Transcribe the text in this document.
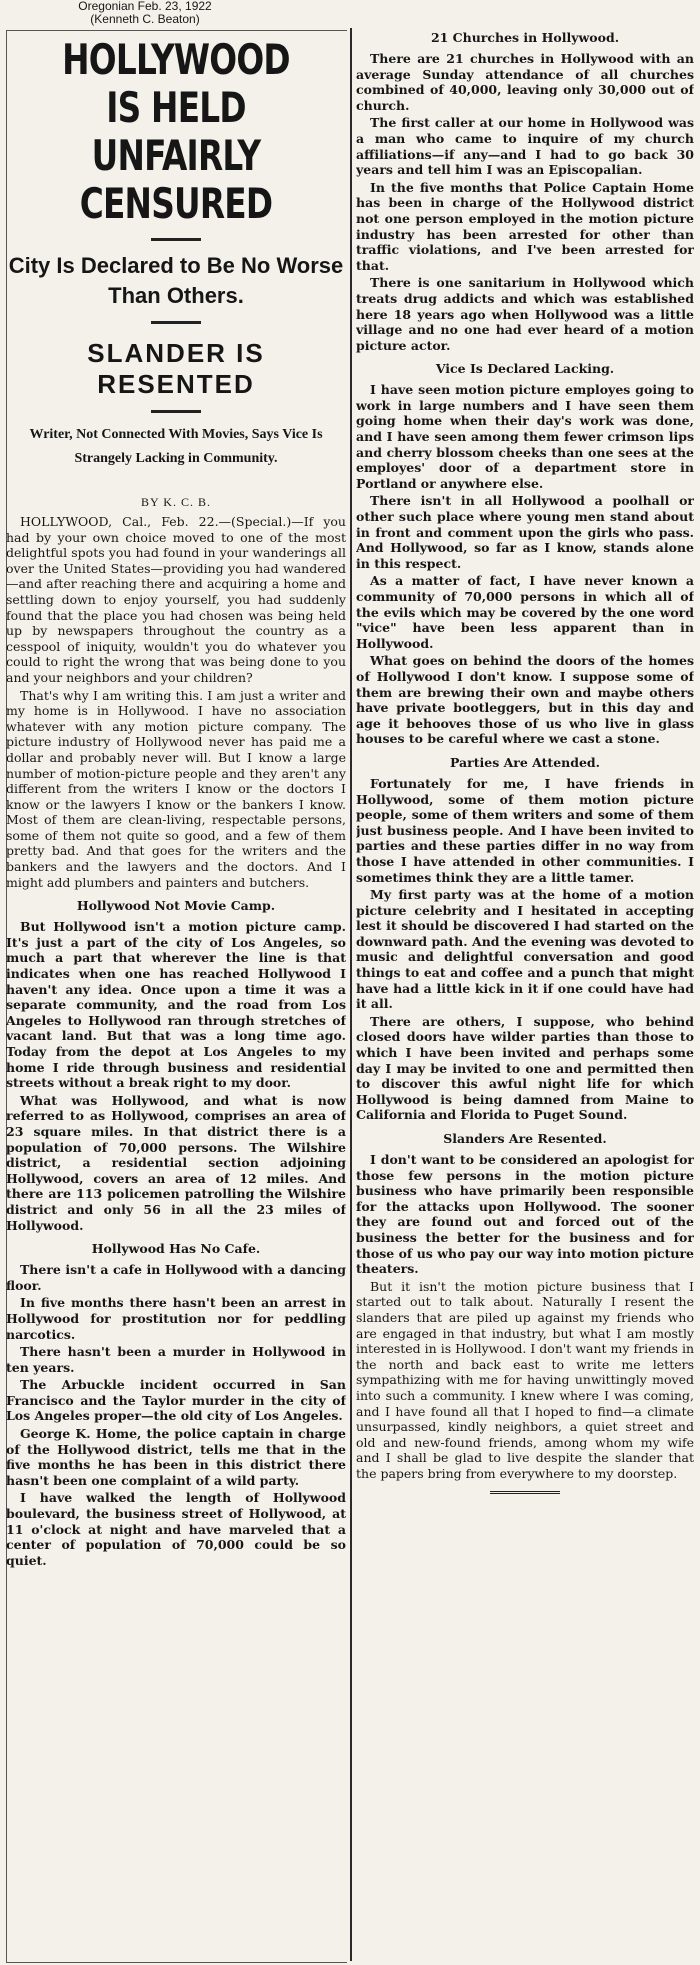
Oregonian Feb. 23, 1922
(Kenneth C. Beaton)
HOLLYWOOD IS HELD UNFAIRLY CENSURED
City Is Declared to Be No Worse Than Others.
SLANDER IS RESENTED
Writer, Not Connected With Movies, Says Vice Is Strangely Lacking in Community.
BY K. C. B.

HOLLYWOOD, Cal., Feb. 22.—(Special.)—If you had by your own choice moved to one of the most delightful spots you had found in your wanderings all over the United States—providing you had wandered—and after reaching there and acquiring a home and settling down to enjoy yourself, you had suddenly found that the place you had chosen was being held up by newspapers throughout the country as a cesspool of iniquity, wouldn't you do whatever you could to right the wrong that was being done to you and your neighbors and your children?

That's why I am writing this. I am just a writer and my home is in Hollywood. I have no association whatever with any motion picture company. The picture industry of Hollywood never has paid me a dollar and probably never will. But I know a large number of motion-picture people and they aren't any different from the writers I know or the doctors I know or the lawyers I know or the bankers I know. Most of them are clean-living, respectable persons, some of them not quite so good, and a few of them pretty bad. And that goes for the writers and the bankers and the lawyers and the doctors. And I might add plumbers and painters and butchers.

Hollywood Not Movie Camp.

But Hollywood isn't a motion picture camp. It's just a part of the city of Los Angeles, so much a part that wherever the line is that indicates when one has reached Hollywood I haven't any idea. Once upon a time it was a separate community, and the road from Los Angeles to Hollywood ran through stretches of vacant land. But that was a long time ago. Today from the depot at Los Angeles to my home I ride through business and residential streets without a break right to my door.

What was Hollywood, and what is now referred to as Hollywood, comprises an area of 23 square miles. In that district there is a population of 70,000 persons. The Wilshire district, a residential section adjoining Hollywood, covers an area of 12 miles. And there are 113 policemen patrolling the Wilshire district and only 56 in all the 23 miles of Hollywood.

Hollywood Has No Cafe.

There isn't a cafe in Hollywood with a dancing floor.

In five months there hasn't been an arrest in Hollywood for prostitution nor for peddling narcotics.

There hasn't been a murder in Hollywood in ten years.

The Arbuckle incident occurred in San Francisco and the Taylor murder in the city of Los Angeles proper—the old city of Los Angeles.

George K. Home, the police captain in charge of the Hollywood district, tells me that in the five months he has been in this district there hasn't been one complaint of a wild party.

I have walked the length of Hollywood boulevard, the business street of Hollywood, at 11 o'clock at night and have marveled that a center of population of 70,000 could be so quiet.

21 Churches in Hollywood.

There are 21 churches in Hollywood with an average Sunday attendance of all churches combined of 40,000, leaving only 30,000 out of church.

The first caller at our home in Hollywood was a man who came to inquire of my church affiliations—if any—and I had to go back 30 years and tell him I was an Episcopalian.

In the five months that Police Captain Home has been in charge of the Hollywood district not one person employed in the motion picture industry has been arrested for other than traffic violations, and I've been arrested for that.

There is one sanitarium in Hollywood which treats drug addicts and which was established here 18 years ago when Hollywood was a little village and no one had ever heard of a motion picture actor.

Vice Is Declared Lacking.

I have seen motion picture employes going to work in large numbers and I have seen them going home when their day's work was done, and I have seen among them fewer crimson lips and cherry blossom cheeks than one sees at the employes' door of a department store in Portland or anywhere else.

There isn't in all Hollywood a poolhall or other such place where young men stand about in front and comment upon the girls who pass. And Hollywood, so far as I know, stands alone in this respect.

As a matter of fact, I have never known a community of 70,000 persons in which all of the evils which may be covered by the one word "vice" have been less apparent than in Hollywood.

What goes on behind the doors of the homes of Hollywood I don't know. I suppose some of them are brewing their own and maybe others have private bootleggers, but in this day and age it behooves those of us who live in glass houses to be careful where we cast a stone.

Parties Are Attended.

Fortunately for me, I have friends in Hollywood, some of them motion picture people, some of them writers and some of them just business people. And I have been invited to parties and these parties differ in no way from those I have attended in other communities. I sometimes think they are a little tamer.

My first party was at the home of a motion picture celebrity and I hesitated in accepting lest it should be discovered I had started on the downward path. And the evening was devoted to music and delightful conversation and good things to eat and coffee and a punch that might have had a little kick in it if one could have had it all.

There are others, I suppose, who behind closed doors have wilder parties than those to which I have been invited and perhaps some day I may be invited to one and permitted then to discover this awful night life for which Hollywood is being damned from Maine to California and Florida to Puget Sound.

Slanders Are Resented.

I don't want to be considered an apologist for those few persons in the motion picture business who have primarily been responsible for the attacks upon Hollywood. The sooner they are found out and forced out of the business the better for the business and for those of us who pay our way into motion picture theaters.

But it isn't the motion picture business that I started out to talk about. Naturally I resent the slanders that are piled up against my friends who are engaged in that industry, but what I am mostly interested in is Hollywood. I don't want my friends in the north and back east to write me letters sympathizing with me for having unwittingly moved into such a community. I knew where I was coming, and I have found all that I hoped to find—a climate unsurpassed, kindly neighbors, a quiet street and old and new-found friends, among whom my wife and I shall be glad to live despite the slander that the papers bring from everywhere to my doorstep.
